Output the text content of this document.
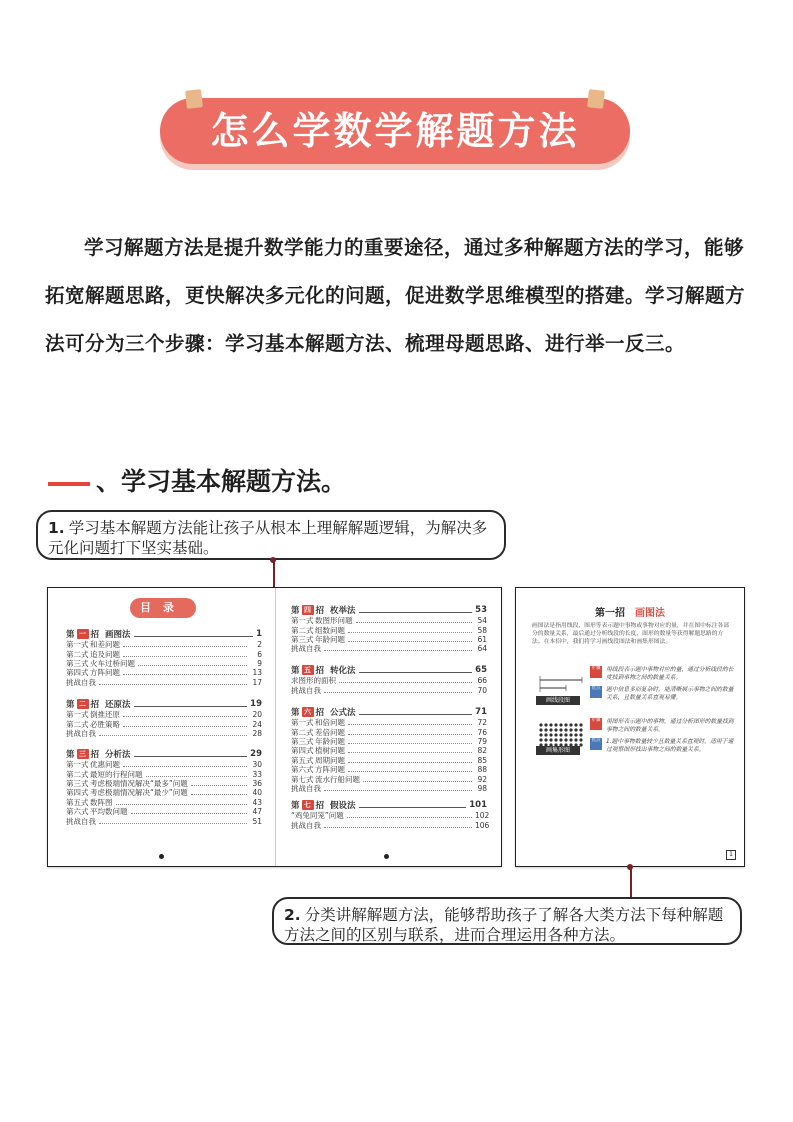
怎么学数学解题方法

学习解题方法是提升数学能力的重要途径，通过多种解题方法的学习，能够拓宽解题思路，更快解决多元化的问题，促进数学思维模型的搭建。学习解题方法可分为三个步骤：学习基本解题方法、梳理母题思路、进行举一反三。

、学习基本解题方法。
1. 学习基本解题方法能让孩子从根本上理解解题逻辑，为解决多元化问题打下坚实基础。
目录
第 一 招 画图法	1
第一式 和差问题	2
第二式 追及问题	6
第三式 火车过桥问题	9
第四式 方阵问题	13
挑战自我	17
第 二 招 还原法	19
第一式 倒推还原	20
第二式 必胜策略	24
挑战自我	28
第 三 招 分析法	29
第一式 优惠问题	30
第二式 最短的行程问题	33
第三式 考虑极端情况解决“最多”问题	36
第四式 考虑极端情况解决“最少”问题	40
第五式 数阵图	43
第六式 平均数问题	47
挑战自我	51
第 四 招 枚举法	53
第一式 数图形问题	54
第二式 组数问题	58
第三式 年龄问题	61
挑战自我	64
第 五 招 转化法	65
求图形的面积	66
挑战自我	70
第 六 招 公式法	71
第一式 和倍问题	72
第二式 差倍问题	76
第三式 年龄问题	79
第四式 植树问题	82
第五式 周期问题	85
第六式 方阵问题	88
第七式 流水行船问题	92
挑战自我	98
第 七 招 假设法	101
“鸡兔同笼”问题	102
挑战自我	106
第一招 画图法
画图法是指用线段、图形等表示题中事物或事物对应的量，并在图中标注各部分的数量关系，最后通过分析线段的长度、图形的数量等获得解题思路的方法。在本招中，我们将学习画线段图法和画集形图法。
画线段图
画集形图
步骤 用线段表示题中事物对应的量，通过分析线段的长度找到事物之间的数量关系。
优点 题中信息多而复杂时，能清晰展示事物之间的数量关系，且数量关系直观易懂。
步骤 用图形表示题中的事物，通过分析图形的数量找到事物之间的数量关系。
优点 1.题中事物数量较少且数量关系直观时，适用于通过观察图形找出事物之间的数量关系。
1
2. 分类讲解解题方法，能够帮助孩子了解各大类方法下每种解题方法之间的区别与联系，进而合理运用各种方法。
